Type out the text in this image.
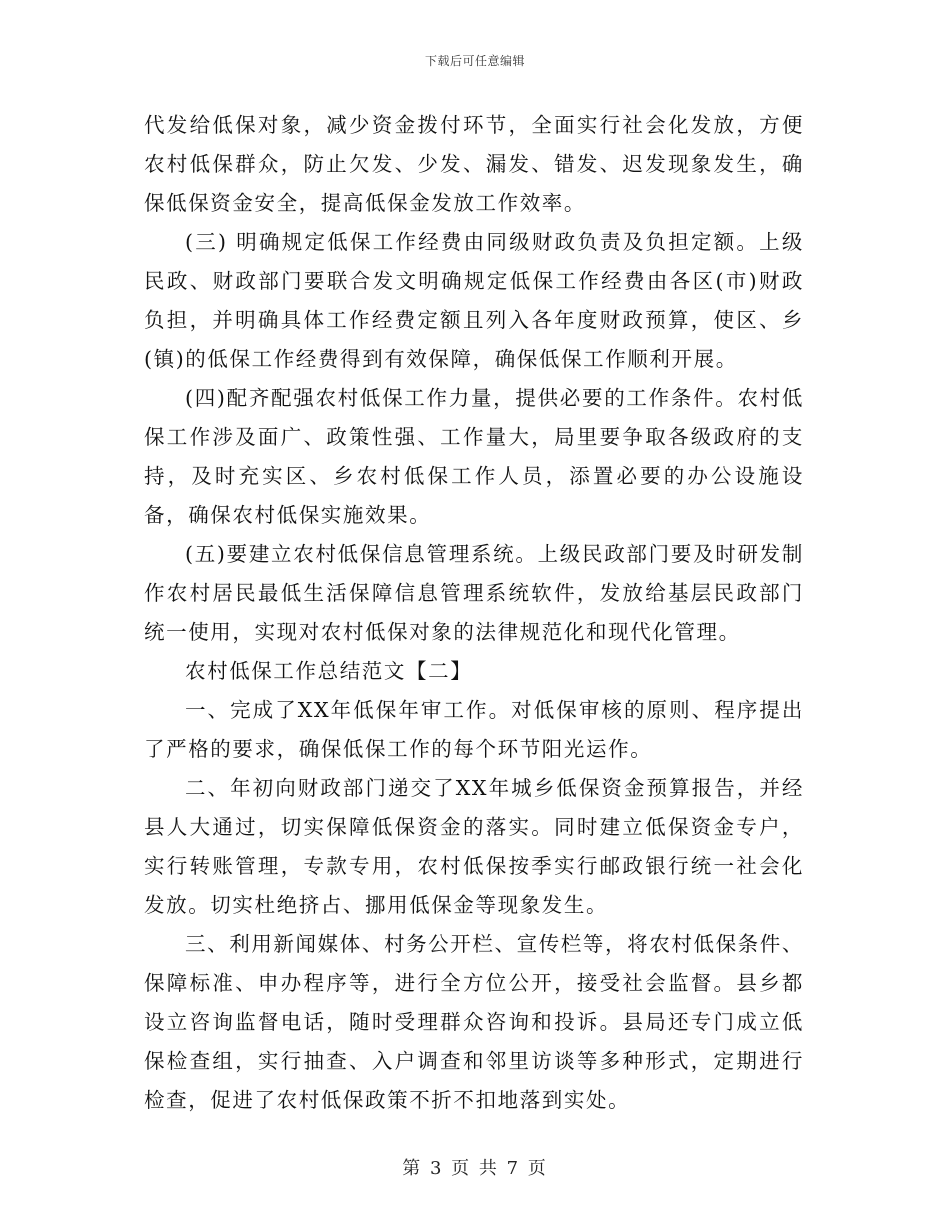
下载后可任意编辑

代发给低保对象，减少资金拨付环节，全面实行社会化发放，方便农村低保群众，防止欠发、少发、漏发、错发、迟发现象发生，确保低保资金安全，提高低保金发放工作效率。

(三) 明确规定低保工作经费由同级财政负责及负担定额。上级民政、财政部门要联合发文明确规定低保工作经费由各区(市)财政负担，并明确具体工作经费定额且列入各年度财政预算，使区、乡(镇)的低保工作经费得到有效保障，确保低保工作顺利开展。

(四)配齐配强农村低保工作力量，提供必要的工作条件。农村低保工作涉及面广、政策性强、工作量大，局里要争取各级政府的支持，及时充实区、乡农村低保工作人员，添置必要的办公设施设备，确保农村低保实施效果。

(五)要建立农村低保信息管理系统。上级民政部门要及时研发制作农村居民最低生活保障信息管理系统软件，发放给基层民政部门统一使用，实现对农村低保对象的法律规范化和现代化管理。

农村低保工作总结范文【二】

一、完成了XX年低保年审工作。对低保审核的原则、程序提出了严格的要求，确保低保工作的每个环节阳光运作。

二、年初向财政部门递交了XX年城乡低保资金预算报告，并经县人大通过，切实保障低保资金的落实。同时建立低保资金专户，实行转账管理，专款专用，农村低保按季实行邮政银行统一社会化发放。切实杜绝挤占、挪用低保金等现象发生。

三、利用新闻媒体、村务公开栏、宣传栏等，将农村低保条件、保障标准、申办程序等，进行全方位公开，接受社会监督。县乡都设立咨询监督电话，随时受理群众咨询和投诉。县局还专门成立低保检查组，实行抽查、入户调查和邻里访谈等多种形式，定期进行检查，促进了农村低保政策不折不扣地落到实处。

第 3 页 共 7 页
